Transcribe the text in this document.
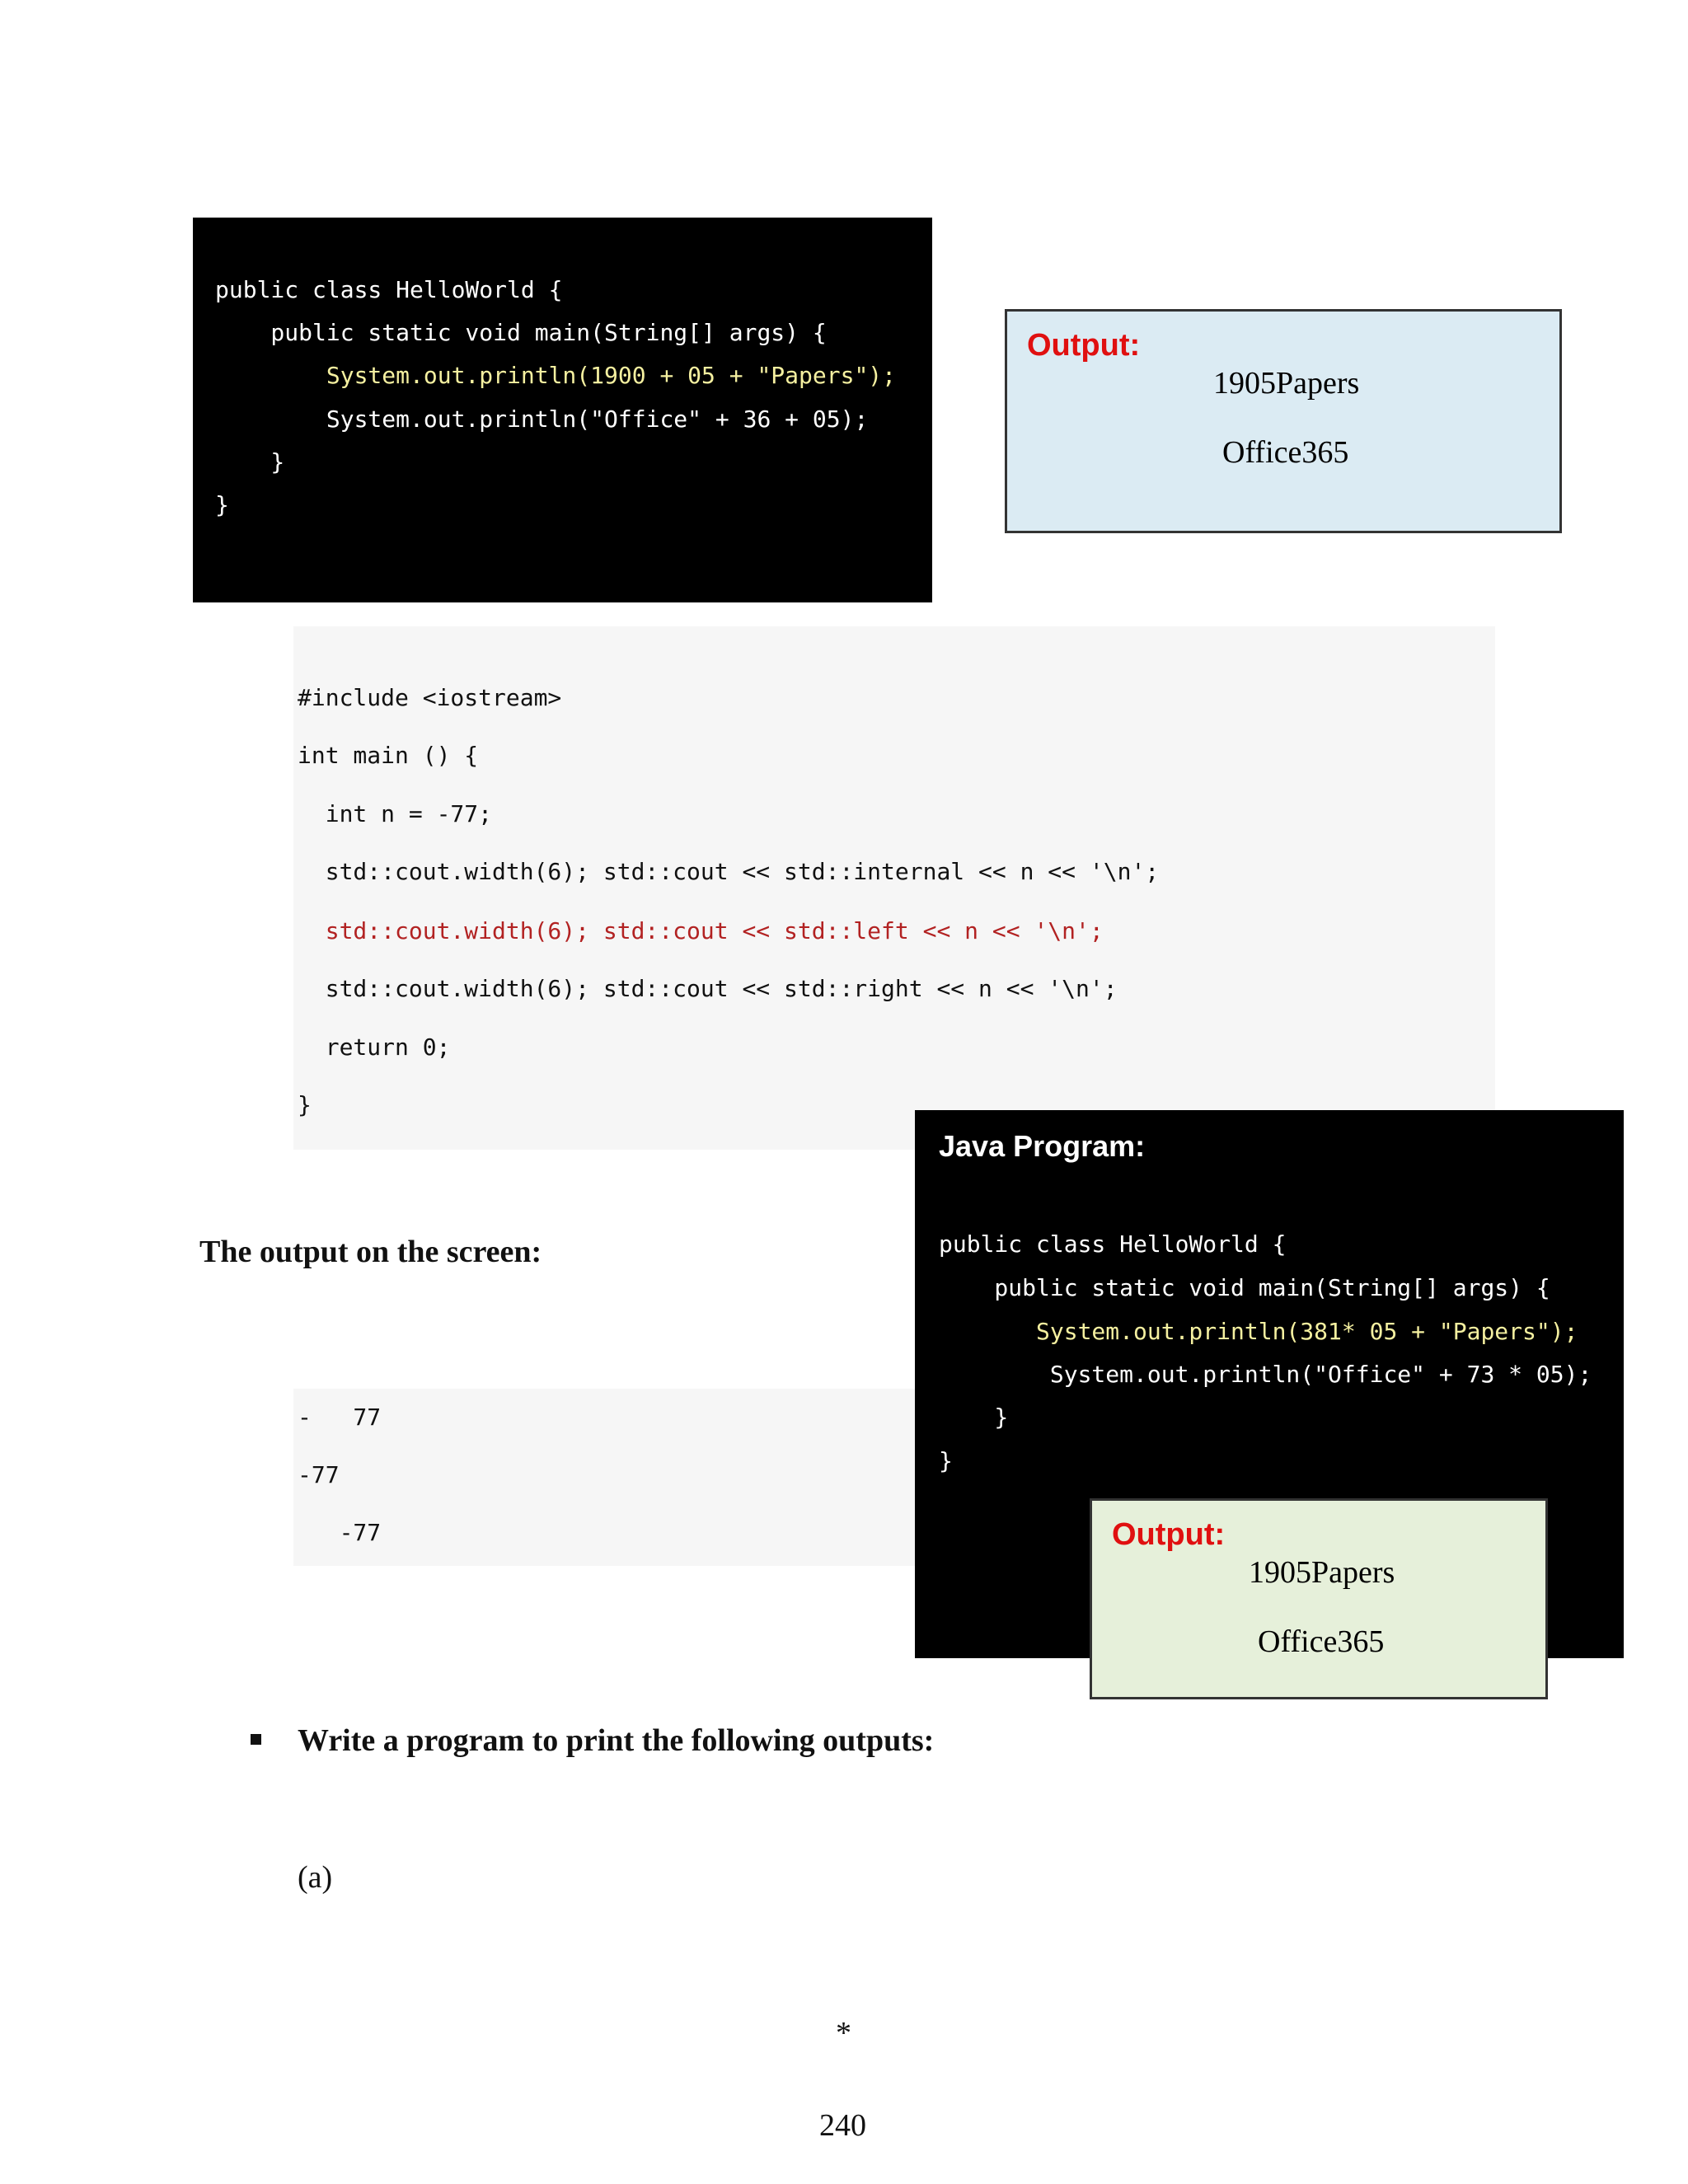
public class HelloWorld {
public static void main(String[] args) {
System.out.println(1900 + 05 + "Papers");
System.out.println("Office" + 36 + 05);
}
}
Output:
1905Papers
Office365
#include <iostream>
int main () {
int n = -77;
std::cout.width(6); std::cout << std::internal << n << '\n';
std::cout.width(6); std::cout << std::left << n << '\n';
std::cout.width(6); std::cout << std::right << n << '\n';
return 0;
}
The output on the screen:
-   77
-77
-77
Java Program:
public class HelloWorld {
public static void main(String[] args) {
System.out.println(381* 05 + "Papers");
System.out.println("Office" + 73 * 05);
}
}
Output:
1905Papers
Office365
Write a program to print the following outputs:
(a)
*
240
